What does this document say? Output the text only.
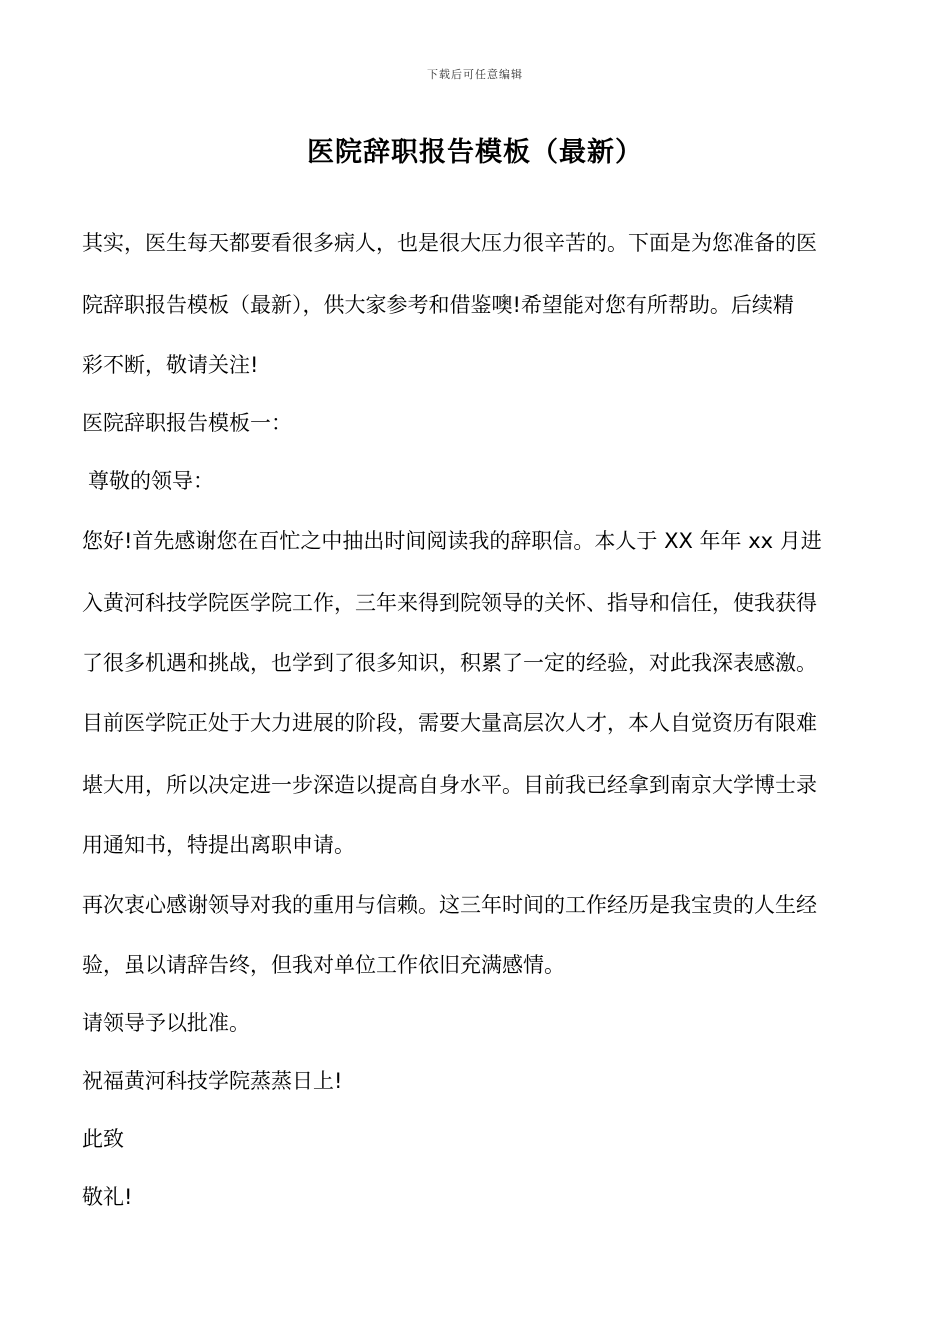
下载后可任意编辑
医院辞职报告模板（最新）
其实，医生每天都要看很多病人，也是很大压力很辛苦的。下面是为您准备的医
院辞职报告模板（最新），供大家参考和借鉴噢!希望能对您有所帮助。后续精
彩不断，敬请关注!
医院辞职报告模板一：
尊敬的领导：
您好!首先感谢您在百忙之中抽出时间阅读我的辞职信。本人于 XX 年年 xx 月进
入黄河科技学院医学院工作，三年来得到院领导的关怀、指导和信任，使我获得
了很多机遇和挑战，也学到了很多知识，积累了一定的经验，对此我深表感激。
目前医学院正处于大力进展的阶段，需要大量高层次人才，本人自觉资历有限难
堪大用，所以决定进一步深造以提高自身水平。目前我已经拿到南京大学博士录
用通知书，特提出离职申请。
再次衷心感谢领导对我的重用与信赖。这三年时间的工作经历是我宝贵的人生经
验，虽以请辞告终，但我对单位工作依旧充满感情。
请领导予以批准。
祝福黄河科技学院蒸蒸日上!
此致
敬礼!
